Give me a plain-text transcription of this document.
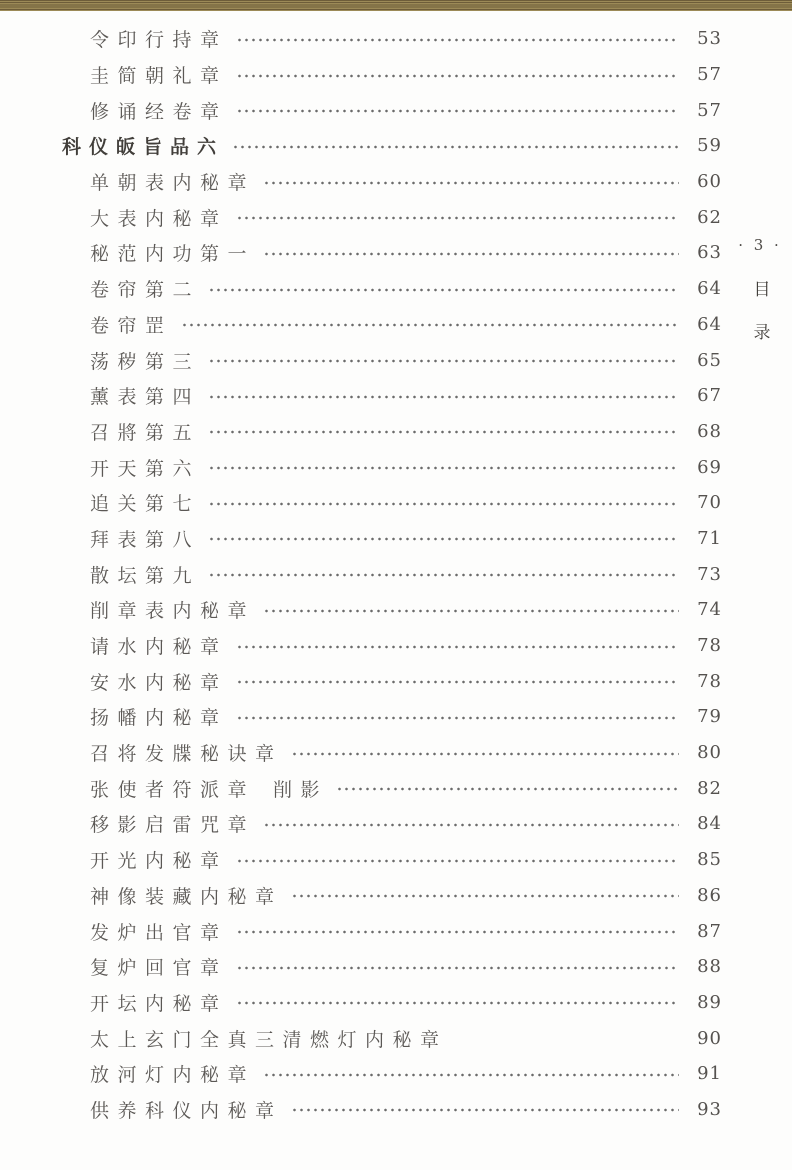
令印行持章	53
圭简朝礼章	57
修诵经卷章	57
科仪皈旨品六	59
单朝表内秘章	60
大表内秘章	62
秘范内功第一	63
卷帘第二	64
卷帘罡	64
荡秽第三	65
薰表第四	67
召將第五	68
开天第六	69
追关第七	70
拜表第八	71
散坛第九	73
削章表内秘章	74
请水内秘章	78
安水内秘章	78
扬幡内秘章	79
召将发牒秘诀章	80
张使者符派章 削影	82
移影启雷咒章	84
开光内秘章	85
神像装藏内秘章	86
发炉出官章	87
复炉回官章	88
开坛内秘章	89
太上玄门全真三清燃灯内秘章	90
放河灯内秘章	91
供养科仪内秘章	93
· 3 ·
目录
